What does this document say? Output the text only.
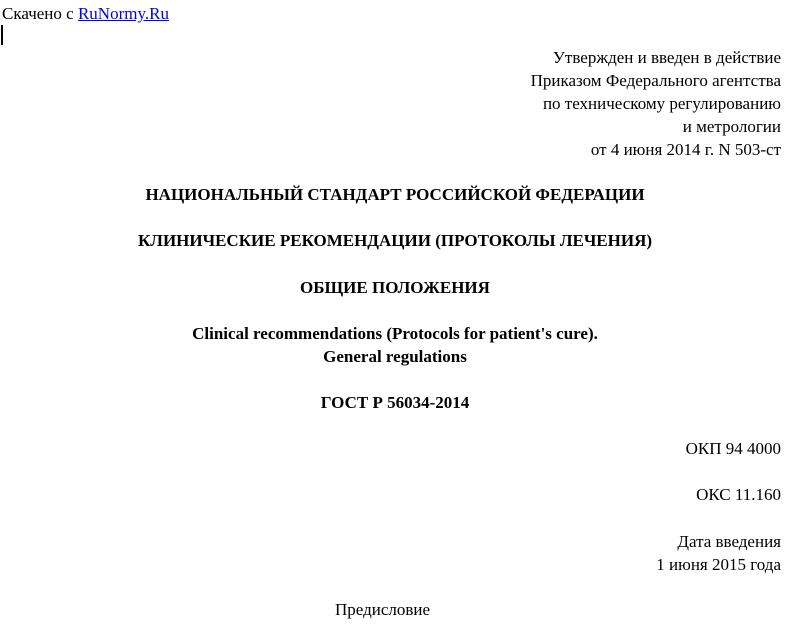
Скачено с RuNormy.Ru
Утвержден и введен в действие
Приказом Федерального агентства
по техническому регулированию
и метрологии
от 4 июня 2014 г. N 503-ст
НАЦИОНАЛЬНЫЙ СТАНДАРТ РОССИЙСКОЙ ФЕДЕРАЦИИ
КЛИНИЧЕСКИЕ РЕКОМЕНДАЦИИ (ПРОТОКОЛЫ ЛЕЧЕНИЯ)
ОБЩИЕ ПОЛОЖЕНИЯ
Clinical recommendations (Protocols for patient's cure).
General regulations
ГОСТ Р 56034-2014
ОКП 94 4000
ОКС 11.160
Дата введения
1 июня 2015 года
Предисловие
